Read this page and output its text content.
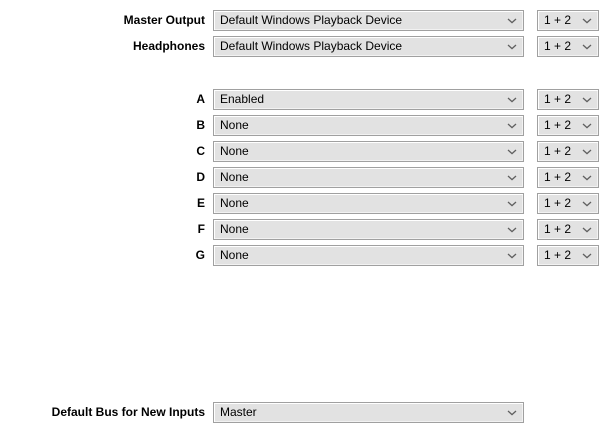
Master Output Default Windows Playback Device	1 + 2
Headphones Default Windows Playback Device	1 + 2
A Enabled	1 + 2
B None	1 + 2
C None	1 + 2
D None	1 + 2
E None	1 + 2
F None	1 + 2
G None	1 + 2
Default Bus for New Inputs Master
